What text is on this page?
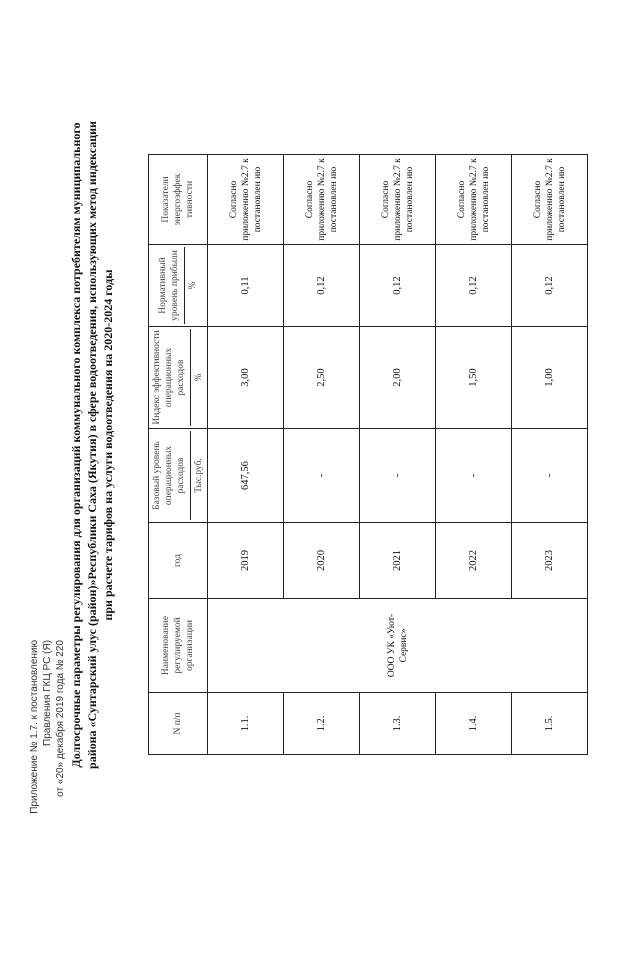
Приложение № 1.7. к постановлению Правления ГКЦ РС (Я) от «20» декабря 2019 года № 220 Долгосрочные параметры регулирования для организаций коммунального комплекса потребителям муниципального района «Сунтарский улус (район)»Республики Саха (Якутия) в сфере водоотведения, использующих метод индексации при расчете тарифов на услуги водоотведения на 2020-2024 годы
N п/п	Наименование регулируемой организации	год	Базовый уровень операционных расходов Тыс.руб.	Индекс эффективности операционных расходов %	Нормативный уровень прибыли %	Показатели энергоэффек тивности
1.1.	ООО УК «Уют-Сервис»	2019	647,56	3,00	0,11	Согласно приложению №2.7 к постановлен ию
1.2.		2020	-	2,50	0,12	Согласно приложению №2.7 к постановлен ию
1.3.		2021	-	2,00	0,12	Согласно приложению №2.7 к постановлен ию
1.4.		2022	-	1,50	0,12	Согласно приложению №2.7 к постановлен ию
1.5.		2023	-	1,00	0,12	Согласно приложению №2.7 к постановлен ию
